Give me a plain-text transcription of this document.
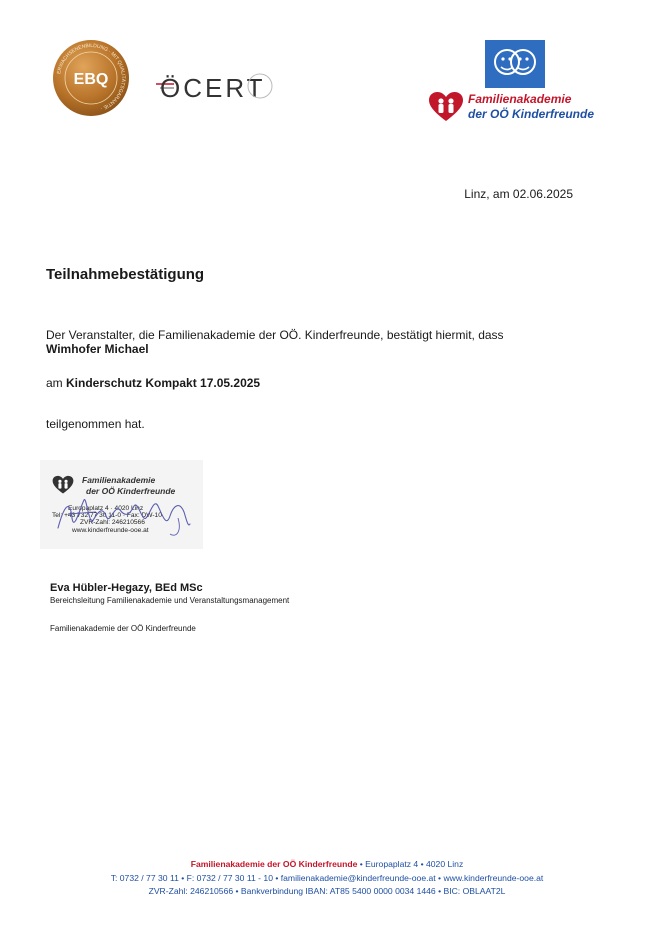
EBQ
ERWACHSENENBILDUNG · MIT QUALITÄTSGARANTIE ·
ÖCERT	Familienakademie
der OÖ Kinderfreunde
Linz, am 02.06.2025
Teilnahmebestätigung
Der Veranstalter, die Familienakademie der OÖ. Kinderfreunde, bestätigt hiermit, dass
Wimhofer Michael
am Kinderschutz Kompakt 17.05.2025
teilgenommen hat.
Familienakademie
der OÖ Kinderfreunde
Europaplatz 4 · 4020 Linz
Tel: +43 732 77 30 11-0 · Fax: DW-10
ZVR-Zahl: 246210566
www.kinderfreunde-ooe.at
Eva Hübler-Hegazy, BEd MSc
Bereichsleitung Familienakademie und Veranstaltungsmanagement
Familienakademie der OÖ Kinderfreunde
Familienakademie der OÖ Kinderfreunde • Europaplatz 4 • 4020 Linz
T: 0732 / 77 30 11 • F: 0732 / 77 30 11 - 10 • familienakademie@kinderfreunde-ooe.at • www.kinderfreunde-ooe.at
ZVR-Zahl: 246210566 • Bankverbindung IBAN: AT85 5400 0000 0034 1446 • BIC: OBLAAT2L
